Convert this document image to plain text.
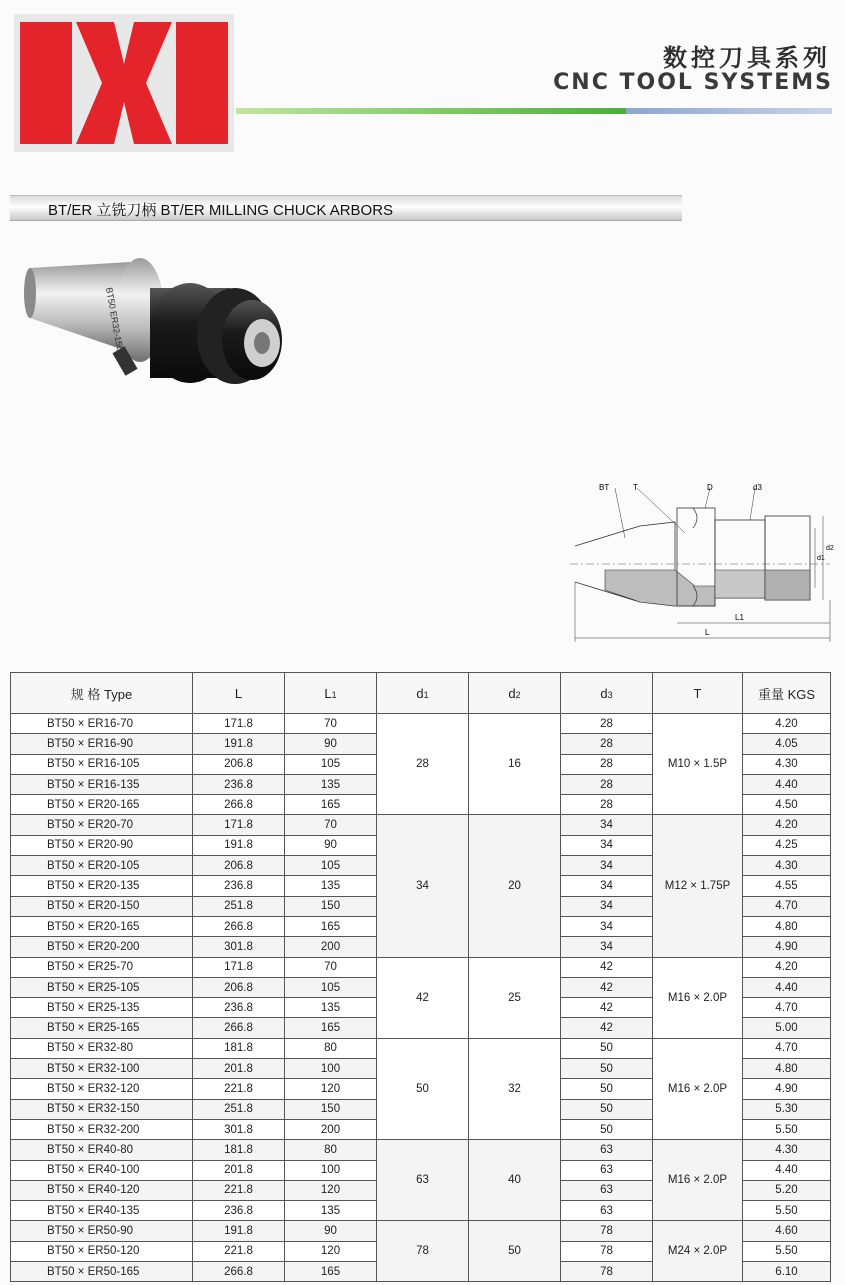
数控刀具系列
CNC TOOL SYSTEMS
BT/ER 立铣刀柄 BT/ER MILLING CHUCK ARBORS
BT50 ER32-150
BT	T	D	d3
d1
d2
L1
L
规 格 Type	L	L1	d1	d2	d3	T	重量 KGS
BT50 × ER16-70	171.8	70	28	16	28	M10 × 1.5P	4.20
BT50 × ER16-90	191.8	90			28		4.05
BT50 × ER16-105	206.8	105			28		4.30
BT50 × ER16-135	236.8	135			28		4.40
BT50 × ER20-165	266.8	165			28		4.50
BT50 × ER20-70	171.8	70	34	20	34	M12 × 1.75P	4.20
BT50 × ER20-90	191.8	90			34		4.25
BT50 × ER20-105	206.8	105			34		4.30
BT50 × ER20-135	236.8	135			34		4.55
BT50 × ER20-150	251.8	150			34		4.70
BT50 × ER20-165	266.8	165			34		4.80
BT50 × ER20-200	301.8	200			34		4.90
BT50 × ER25-70	171.8	70	42	25	42	M16 × 2.0P	4.20
BT50 × ER25-105	206.8	105			42		4.40
BT50 × ER25-135	236.8	135			42		4.70
BT50 × ER25-165	266.8	165			42		5.00
BT50 × ER32-80	181.8	80	50	32	50	M16 × 2.0P	4.70
BT50 × ER32-100	201.8	100			50		4.80
BT50 × ER32-120	221.8	120			50		4.90
BT50 × ER32-150	251.8	150			50		5.30
BT50 × ER32-200	301.8	200			50		5.50
BT50 × ER40-80	181.8	80	63	40	63	M16 × 2.0P	4.30
BT50 × ER40-100	201.8	100			63		4.40
BT50 × ER40-120	221.8	120			63		5.20
BT50 × ER40-135	236.8	135			63		5.50
BT50 × ER50-90	191.8	90	78	50	78	M24 × 2.0P	4.60
BT50 × ER50-120	221.8	120			78		5.50
BT50 × ER50-165	266.8	165			78		6.10
